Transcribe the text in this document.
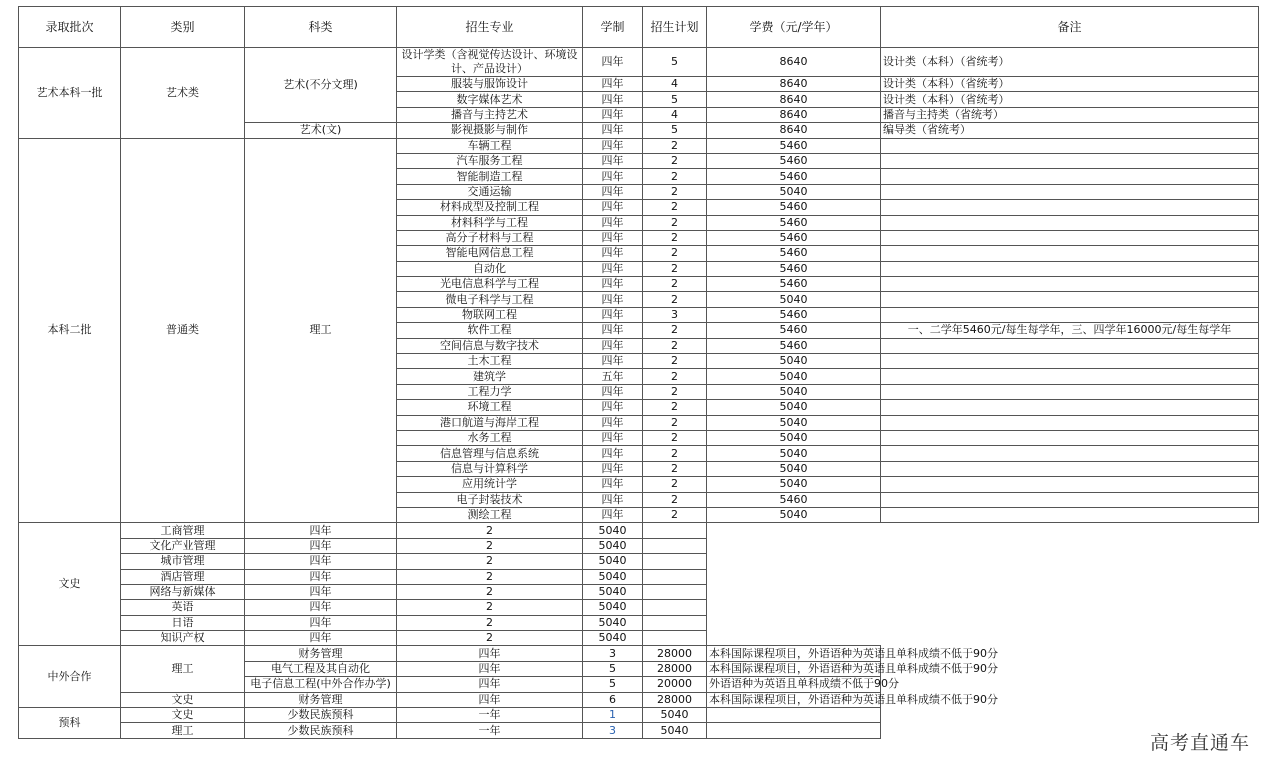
录取批次	类别	科类	招生专业	学制	招生计划	学费（元/学年）	备注
艺术本科一批	艺术类	艺术(不分文理)	设计学类（含视觉传达设计、环境设计、产品设计）	四年	5	8640	设计类（本科）（省统考）
			服装与服饰设计	四年	4	8640	设计类（本科）（省统考）
			数字媒体艺术	四年	5	8640	设计类（本科）（省统考）
			播音与主持艺术	四年	4	8640	播音与主持类（省统考）
		艺术(文)	影视摄影与制作	四年	5	8640	编导类（省统考）
本科二批	普通类	理工	车辆工程	四年	2	5460	
			汽车服务工程	四年	2	5460	
			智能制造工程	四年	2	5460	
			交通运输	四年	2	5040	
			材料成型及控制工程	四年	2	5460	
			材料科学与工程	四年	2	5460	
			高分子材料与工程	四年	2	5460	
			智能电网信息工程	四年	2	5460	
			自动化	四年	2	5460	
			光电信息科学与工程	四年	2	5460	
			微电子科学与工程	四年	2	5040	
			物联网工程	四年	3	5460	
			软件工程	四年	2	5460	一、二学年5460元/每生每学年，三、四学年16000元/每生每学年
			空间信息与数字技术	四年	2	5460	
			土木工程	四年	2	5040	
			建筑学	五年	2	5040	
			工程力学	四年	2	5040	
			环境工程	四年	2	5040	
			港口航道与海岸工程	四年	2	5040	
			水务工程	四年	2	5040	
			信息管理与信息系统	四年	2	5040	
			信息与计算科学	四年	2	5040	
			应用统计学	四年	2	5040	
			电子封装技术	四年	2	5460	
			测绘工程	四年	2	5040	
文史	工商管理	四年	2	5040			
	文化产业管理	四年	2	5040			
	城市管理	四年	2	5040			
	酒店管理	四年	2	5040			
	网络与新媒体	四年	2	5040			
	英语	四年	2	5040			
	日语	四年	2	5040			
	知识产权	四年	2	5040			
中外合作	理工	财务管理	四年	3	28000	本科国际课程项目，外语语种为英语且单科成绩不低于90分	
		电气工程及其自动化	四年	5	28000	本科国际课程项目，外语语种为英语且单科成绩不低于90分	
		电子信息工程(中外合作办学)	四年	5	20000	外语语种为英语且单科成绩不低于90分	
	文史	财务管理	四年	6	28000	本科国际课程项目，外语语种为英语且单科成绩不低于90分	
预科	文史	少数民族预科	一年	1	5040		
	理工	少数民族预科	一年	3	5040		
高考直通车
